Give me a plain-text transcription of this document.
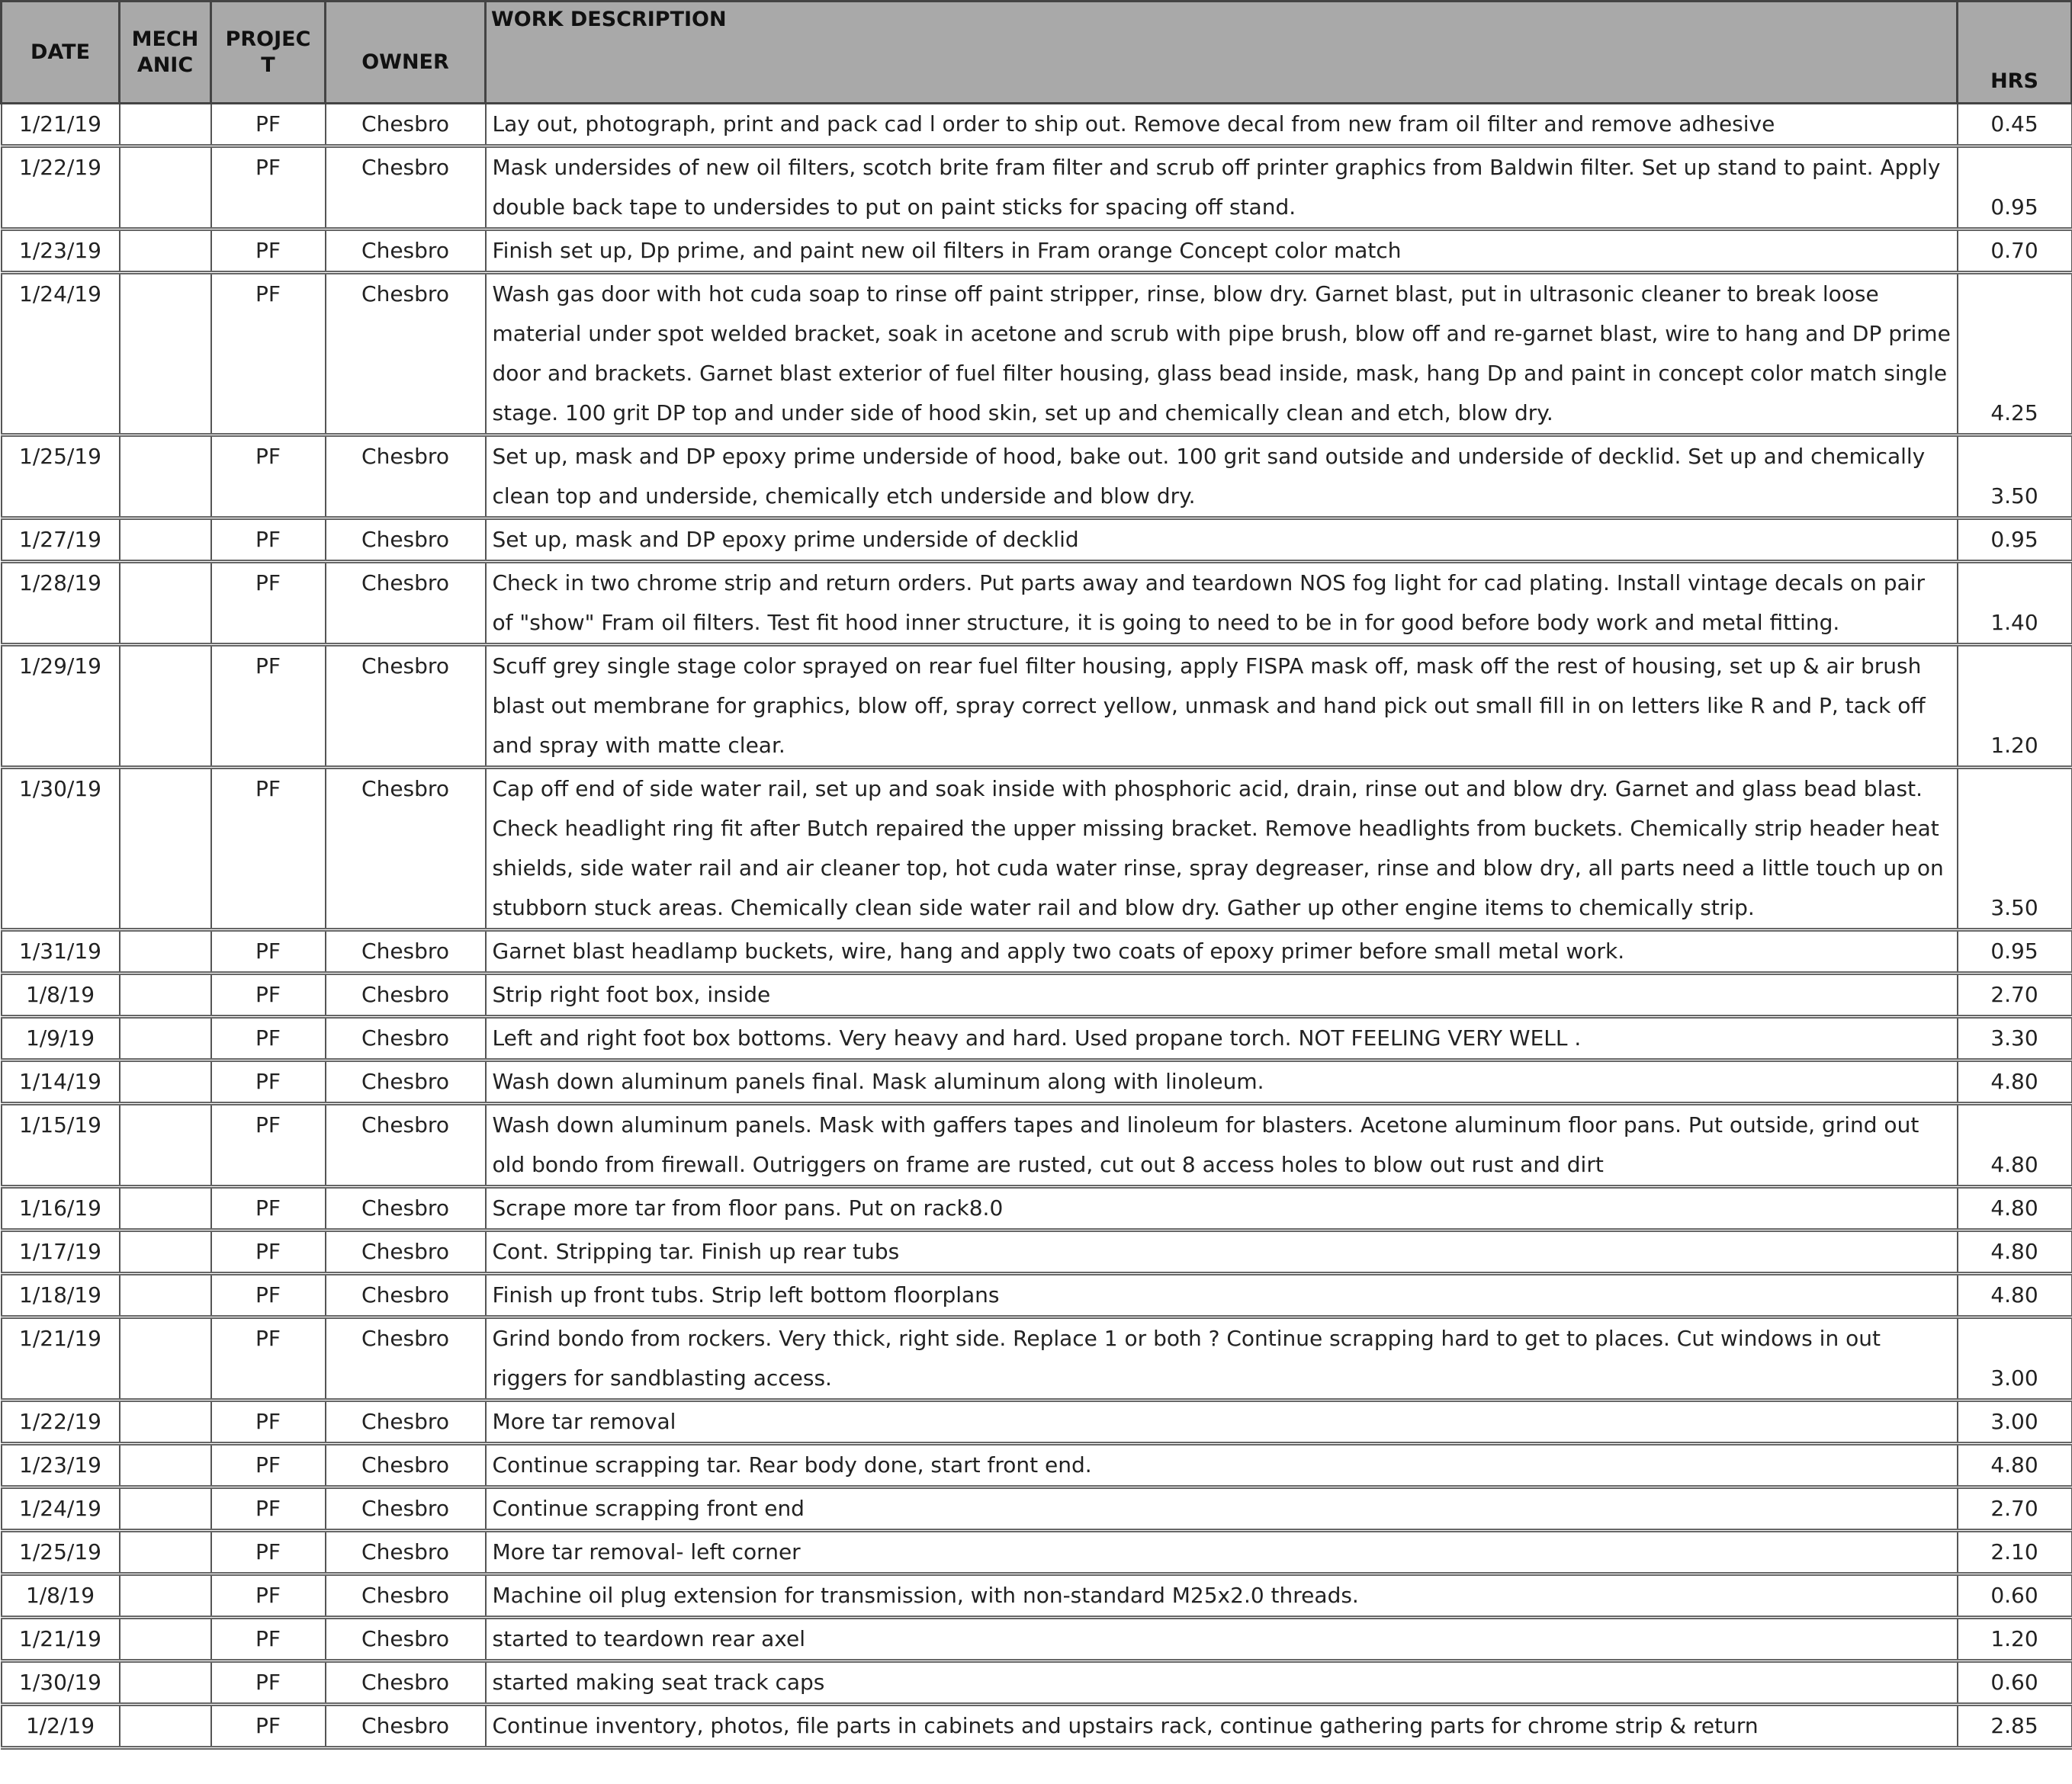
DATE	MECH ANIC	PROJEC T	OWNER	WORK DESCRIPTION	HRS
1/21/19		PF	Chesbro	Lay out, photograph, print and pack cad l order to ship out. Remove decal from new fram oil filter and remove adhesive	0.45
1/22/19		PF	Chesbro	Mask undersides of new oil filters, scotch brite fram filter and scrub off printer graphics from Baldwin filter. Set up stand to paint. Apply double back tape to undersides to put on paint sticks for spacing off stand.	0.95
1/23/19		PF	Chesbro	Finish set up, Dp prime, and paint new oil filters in Fram orange Concept color match	0.70
1/24/19		PF	Chesbro	Wash gas door with hot cuda soap to rinse off paint stripper, rinse, blow dry. Garnet blast, put in ultrasonic cleaner to break loose material under spot welded bracket, soak in acetone and scrub with pipe brush, blow off and re-garnet blast, wire to hang and DP prime door and brackets. Garnet blast exterior of fuel filter housing, glass bead inside, mask, hang Dp and paint in concept color match single stage. 100 grit DP top and under side of hood skin, set up and chemically clean and etch, blow dry.	4.25
1/25/19		PF	Chesbro	Set up, mask and DP epoxy prime underside of hood, bake out. 100 grit sand outside and underside of decklid. Set up and chemically clean top and underside, chemically etch underside and blow dry.	3.50
1/27/19		PF	Chesbro	Set up, mask and DP epoxy prime underside of decklid	0.95
1/28/19		PF	Chesbro	Check in two chrome strip and return orders. Put parts away and teardown NOS fog light for cad plating. Install vintage decals on pair of "show" Fram oil filters. Test fit hood inner structure, it is going to need to be in for good before body work and metal fitting.	1.40
1/29/19		PF	Chesbro	Scuff grey single stage color sprayed on rear fuel filter housing, apply FISPA mask off, mask off the rest of housing, set up & air brush blast out membrane for graphics, blow off, spray correct yellow, unmask and hand pick out small fill in on letters like R and P, tack off and spray with matte clear.	1.20
1/30/19		PF	Chesbro	Cap off end of side water rail, set up and soak inside with phosphoric acid, drain, rinse out and blow dry. Garnet and glass bead blast. Check headlight ring fit after Butch repaired the upper missing bracket. Remove headlights from buckets. Chemically strip header heat shields, side water rail and air cleaner top, hot cuda water rinse, spray degreaser, rinse and blow dry, all parts need a little touch up on stubborn stuck areas. Chemically clean side water rail and blow dry. Gather up other engine items to chemically strip.	3.50
1/31/19		PF	Chesbro	Garnet blast headlamp buckets, wire, hang and apply two coats of epoxy primer before small metal work.	0.95
1/8/19		PF	Chesbro	Strip right foot box, inside	2.70
1/9/19		PF	Chesbro	Left and right foot box bottoms. Very heavy and hard. Used propane torch. NOT FEELING VERY WELL .	3.30
1/14/19		PF	Chesbro	Wash down aluminum panels final. Mask aluminum along with linoleum.	4.80
1/15/19		PF	Chesbro	Wash down aluminum panels. Mask with gaffers tapes and linoleum for blasters. Acetone aluminum floor pans. Put outside, grind out old bondo from firewall. Outriggers on frame are rusted, cut out 8 access holes to blow out rust and dirt	4.80
1/16/19		PF	Chesbro	Scrape more tar from floor pans. Put on rack8.0	4.80
1/17/19		PF	Chesbro	Cont. Stripping tar. Finish up rear tubs	4.80
1/18/19		PF	Chesbro	Finish up front tubs. Strip left bottom floorplans	4.80
1/21/19		PF	Chesbro	Grind bondo from rockers. Very thick, right side. Replace 1 or both ? Continue scrapping hard to get to places. Cut windows in out riggers for sandblasting access.	3.00
1/22/19		PF	Chesbro	More tar removal	3.00
1/23/19		PF	Chesbro	Continue scrapping tar. Rear body done, start front end.	4.80
1/24/19		PF	Chesbro	Continue scrapping front end	2.70
1/25/19		PF	Chesbro	More tar removal- left corner	2.10
1/8/19		PF	Chesbro	Machine oil plug extension for transmission, with non-standard M25x2.0 threads.	0.60
1/21/19		PF	Chesbro	started to teardown rear axel	1.20
1/30/19		PF	Chesbro	started making seat track caps	0.60
1/2/19		PF	Chesbro	Continue inventory, photos, file parts in cabinets and upstairs rack, continue gathering parts for chrome strip & return	2.85
